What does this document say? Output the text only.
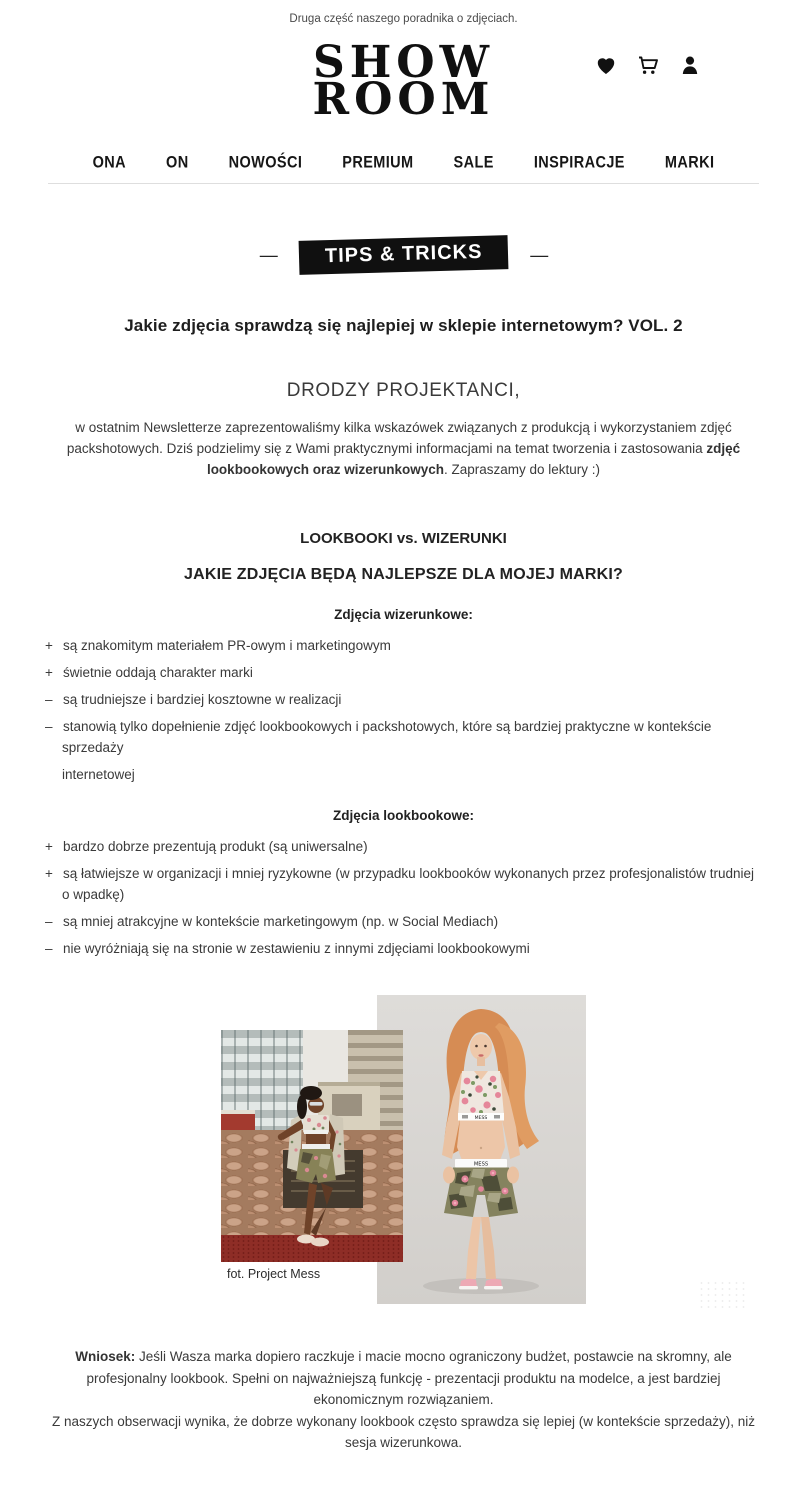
Druga część naszego poradnika o zdjęciach.
SHOW
ROOM
ONA	ON	NOWOŚCI	PREMIUM	SALE	INSPIRACJE	MARKI
—	TIPS & TRICKS	—
Jakie zdjęcia sprawdzą się najlepiej w sklepie internetowym? VOL. 2
DRODZY PROJEKTANCI,
w ostatnim Newsletterze zaprezentowaliśmy kilka wskazówek związanych z produkcją i wykorzystaniem zdjęć packshotowych. Dziś podzielimy się z Wami praktycznymi informacjami na temat tworzenia i zastosowania zdjęć lookbookowych oraz wizerunkowych. Zapraszamy do lektury :)
LOOKBOOKI vs. WIZERUNKI
JAKIE ZDJĘCIA BĘDĄ NAJLEPSZE DLA MOJEJ MARKI?
Zdjęcia wizerunkowe:
+ są znakomitym materiałem PR-owym i marketingowym
+ świetnie oddają charakter marki
– są trudniejsze i bardziej kosztowne w realizacji
– stanowią tylko dopełnienie zdjęć lookbookowych i packshotowych, które są bardziej praktyczne w kontekście sprzedaży
internetowej
Zdjęcia lookbookowe:
+ bardzo dobrze prezentują produkt (są uniwersalne)
+ są łatwiejsze w organizacji i mniej ryzykowne (w przypadku lookbooków wykonanych przez profesjonalistów trudniej o wpadkę)
– są mniej atrakcyjne w kontekście marketingowym (np. w Social Mediach)
– nie wyróżniają się na stronie w zestawieniu z innymi zdjęciami lookbookowymi
MESS
MESS
fot. Project Mess
Wniosek: Jeśli Wasza marka dopiero raczkuje i macie mocno ograniczony budżet, postawcie na skromny, ale profesjonalny lookbook. Spełni on najważniejszą funkcję - prezentacji produktu na modelce, a jest bardziej ekonomicznym rozwiązaniem.
Z naszych obserwacji wynika, że dobrze wykonany lookbook często sprawdza się lepiej (w kontekście sprzedaży), niż sesja wizerunkowa.
